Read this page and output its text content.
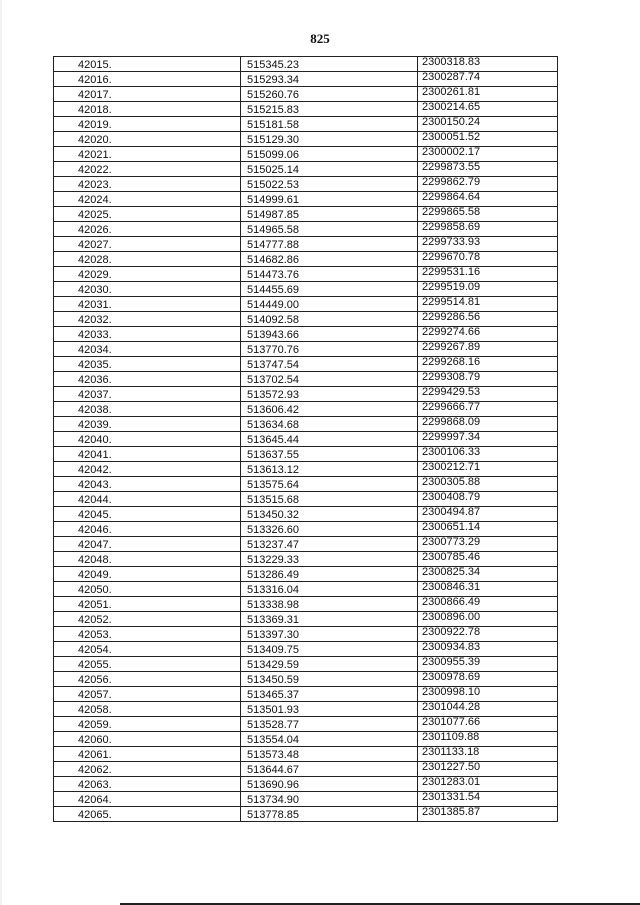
825
42015.	515345.23	2300318.83
42016.	515293.34	2300287.74
42017.	515260.76	2300261.81
42018.	515215.83	2300214.65
42019.	515181.58	2300150.24
42020.	515129.30	2300051.52
42021.	515099.06	2300002.17
42022.	515025.14	2299873.55
42023.	515022.53	2299862.79
42024.	514999.61	2299864.64
42025.	514987.85	2299865.58
42026.	514965.58	2299858.69
42027.	514777.88	2299733.93
42028.	514682.86	2299670.78
42029.	514473.76	2299531.16
42030.	514455.69	2299519.09
42031.	514449.00	2299514.81
42032.	514092.58	2299286.56
42033.	513943.66	2299274.66
42034.	513770.76	2299267.89
42035.	513747.54	2299268.16
42036.	513702.54	2299308.79
42037.	513572.93	2299429.53
42038.	513606.42	2299666.77
42039.	513634.68	2299868.09
42040.	513645.44	2299997.34
42041.	513637.55	2300106.33
42042.	513613.12	2300212.71
42043.	513575.64	2300305.88
42044.	513515.68	2300408.79
42045.	513450.32	2300494.87
42046.	513326.60	2300651.14
42047.	513237.47	2300773.29
42048.	513229.33	2300785.46
42049.	513286.49	2300825.34
42050.	513316.04	2300846.31
42051.	513338.98	2300866.49
42052.	513369.31	2300896.00
42053.	513397.30	2300922.78
42054.	513409.75	2300934.83
42055.	513429.59	2300955.39
42056.	513450.59	2300978.69
42057.	513465.37	2300998.10
42058.	513501.93	2301044.28
42059.	513528.77	2301077.66
42060.	513554.04	2301109.88
42061.	513573.48	2301133.18
42062.	513644.67	2301227.50
42063.	513690.96	2301283.01
42064.	513734.90	2301331.54
42065.	513778.85	2301385.87
